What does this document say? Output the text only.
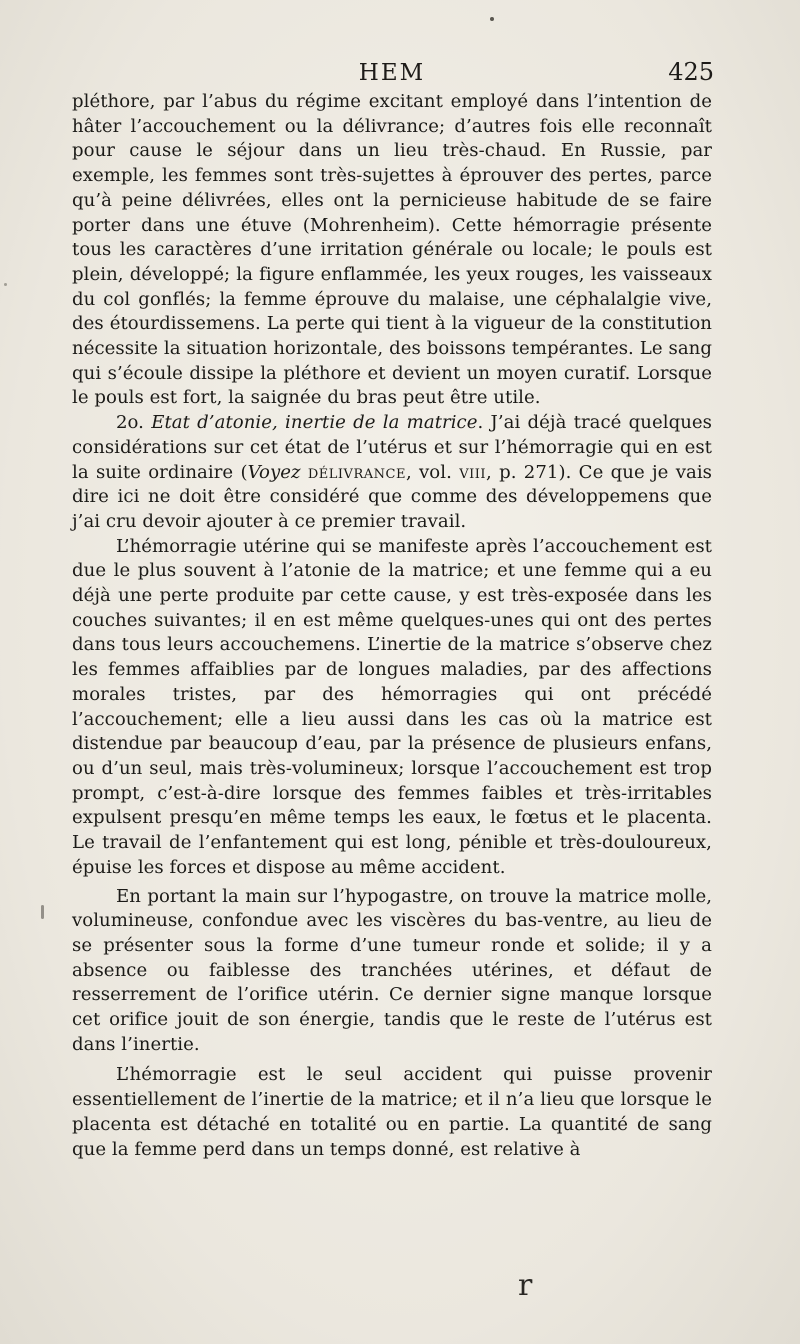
HEM	425

pléthore, par l’abus du régime excitant employé dans l’intention de hâter l’accouchement ou la délivrance; d’autres fois elle reconnaît pour cause le séjour dans un lieu très-chaud. En Russie, par exemple, les femmes sont très-sujettes à éprouver des pertes, parce qu’à peine délivrées, elles ont la pernicieuse habitude de se faire porter dans une étuve (Mohrenheim). Cette hémorragie présente tous les caractères d’une irritation générale ou locale; le pouls est plein, développé; la figure enflammée, les yeux rouges, les vaisseaux du col gonflés; la femme éprouve du malaise, une céphalalgie vive, des étourdissemens. La perte qui tient à la vigueur de la constitution nécessite la situation horizontale, des boissons tempérantes. Le sang qui s’écoule dissipe la pléthore et devient un moyen curatif. Lorsque le pouls est fort, la saignée du bras peut être utile.

2o. Etat d’atonie, inertie de la matrice. J’ai déjà tracé quelques considérations sur cet état de l’utérus et sur l’hémorragie qui en est la suite ordinaire (Voyez délivrance, vol. viii, p. 271). Ce que je vais dire ici ne doit être considéré que comme des développemens que j’ai cru devoir ajouter à ce premier travail.

L’hémorragie utérine qui se manifeste après l’accouchement est due le plus souvent à l’atonie de la matrice; et une femme qui a eu déjà une perte produite par cette cause, y est très-exposée dans les couches suivantes; il en est même quelques-unes qui ont des pertes dans tous leurs accouchemens. L’inertie de la matrice s’observe chez les femmes affaiblies par de longues maladies, par des affections morales tristes, par des hémorragies qui ont précédé l’accouchement; elle a lieu aussi dans les cas où la matrice est distendue par beaucoup d’eau, par la présence de plusieurs enfans, ou d’un seul, mais très-volumineux; lorsque l’accouchement est trop prompt, c’est-à-dire lorsque des femmes faibles et très-irritables expulsent presqu’en même temps les eaux, le fœtus et le placenta. Le travail de l’enfantement qui est long, pénible et très-douloureux, épuise les forces et dispose au même accident.

En portant la main sur l’hypogastre, on trouve la matrice molle, volumineuse, confondue avec les viscères du bas-ventre, au lieu de se présenter sous la forme d’une tumeur ronde et solide; il y a absence ou faiblesse des tranchées utérines, et défaut de resserrement de l’orifice utérin. Ce dernier signe manque lorsque cet orifice jouit de son énergie, tandis que le reste de l’utérus est dans l’inertie.

L’hémorragie est le seul accident qui puisse provenir essentiellement de l’inertie de la matrice; et il n’a lieu que lorsque le placenta est détaché en totalité ou en partie. La quantité de sang que la femme perd dans un temps donné, est relative à

r
